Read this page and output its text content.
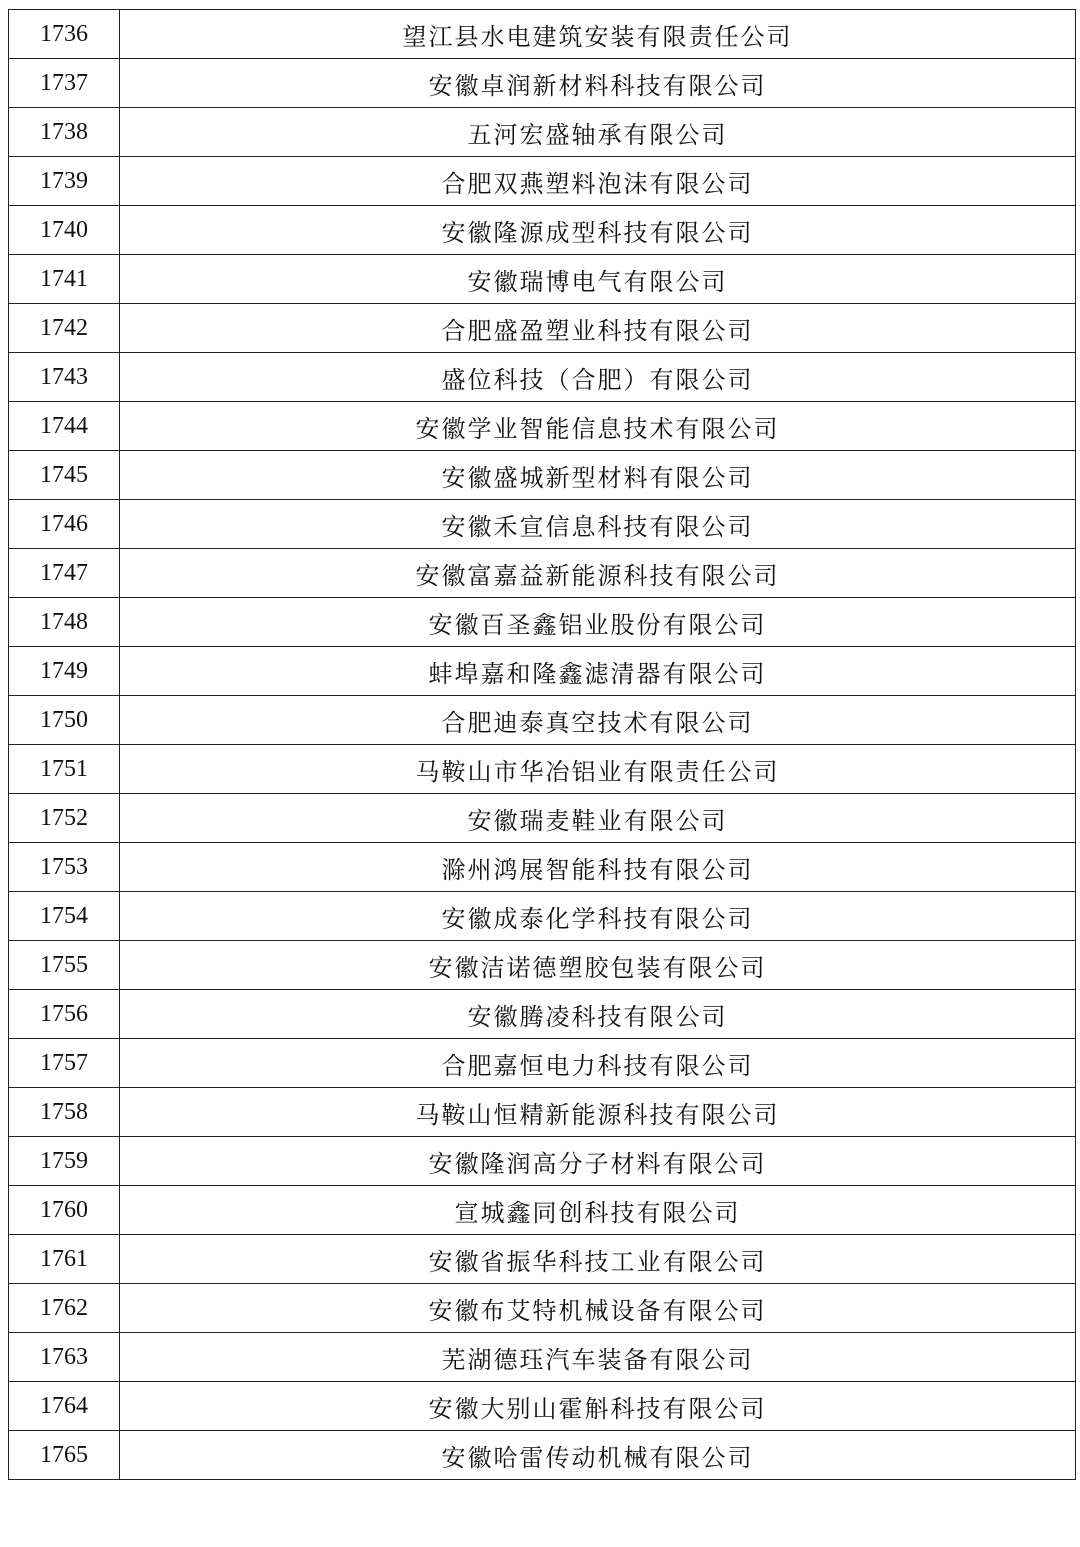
1736	望江县水电建筑安装有限责任公司
1737	安徽卓润新材料科技有限公司
1738	五河宏盛轴承有限公司
1739	合肥双燕塑料泡沫有限公司
1740	安徽隆源成型科技有限公司
1741	安徽瑞博电气有限公司
1742	合肥盛盈塑业科技有限公司
1743	盛位科技（合肥）有限公司
1744	安徽学业智能信息技术有限公司
1745	安徽盛城新型材料有限公司
1746	安徽禾宣信息科技有限公司
1747	安徽富嘉益新能源科技有限公司
1748	安徽百圣鑫铝业股份有限公司
1749	蚌埠嘉和隆鑫滤清器有限公司
1750	合肥迪泰真空技术有限公司
1751	马鞍山市华冶铝业有限责任公司
1752	安徽瑞麦鞋业有限公司
1753	滁州鸿展智能科技有限公司
1754	安徽成泰化学科技有限公司
1755	安徽洁诺德塑胶包装有限公司
1756	安徽腾凌科技有限公司
1757	合肥嘉恒电力科技有限公司
1758	马鞍山恒精新能源科技有限公司
1759	安徽隆润高分子材料有限公司
1760	宣城鑫同创科技有限公司
1761	安徽省振华科技工业有限公司
1762	安徽布艾特机械设备有限公司
1763	芜湖德珏汽车装备有限公司
1764	安徽大别山霍斛科技有限公司
1765	安徽哈雷传动机械有限公司
